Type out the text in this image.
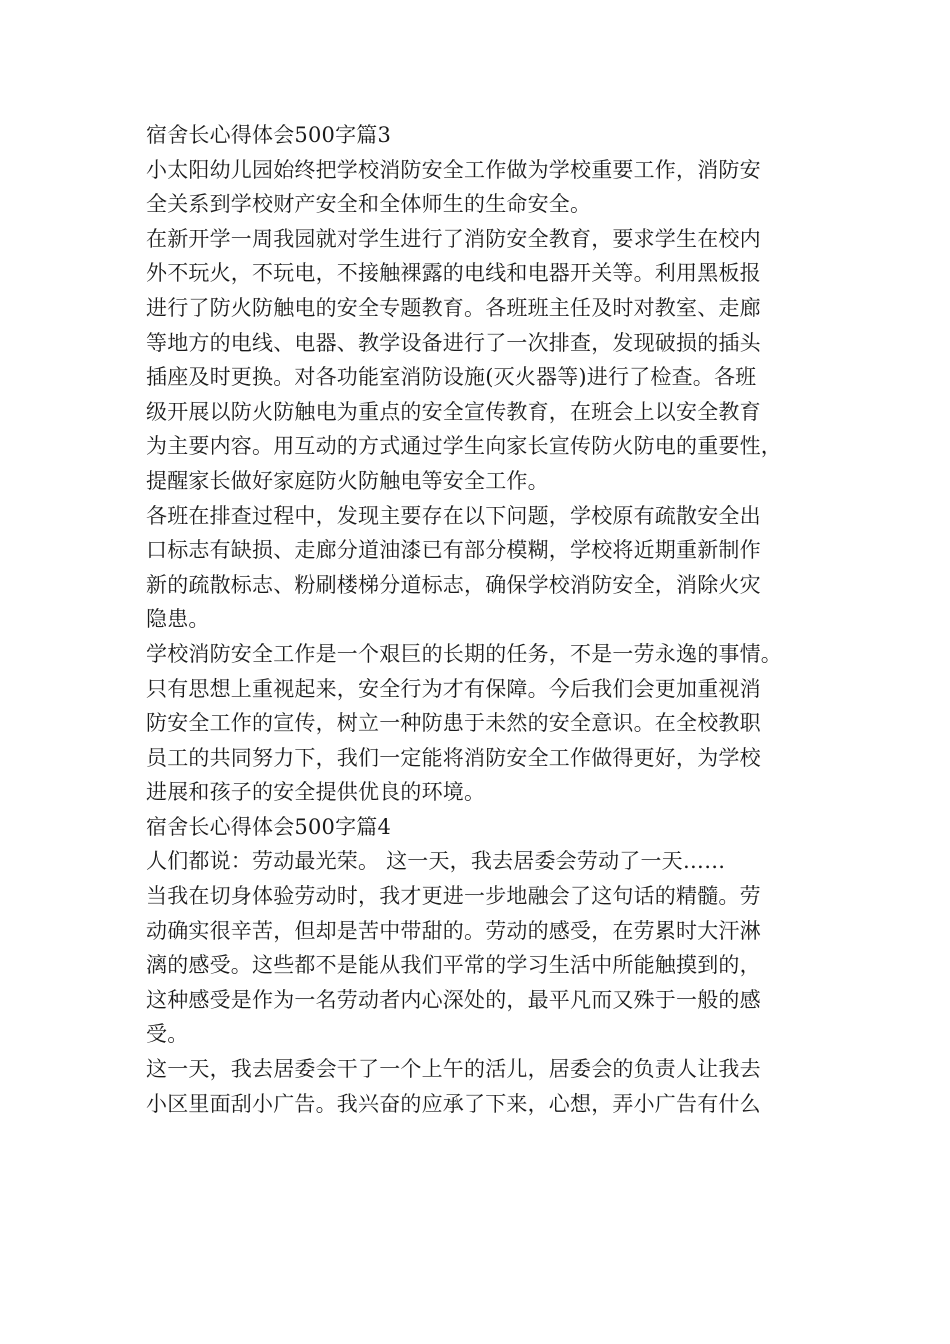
宿舍长心得体会500字篇3
小太阳幼儿园始终把学校消防安全工作做为学校重要工作，消防安
全关系到学校财产安全和全体师生的生命安全。
在新开学一周我园就对学生进行了消防安全教育，要求学生在校内
外不玩火，不玩电，不接触裸露的电线和电器开关等。利用黑板报
进行了防火防触电的安全专题教育。各班班主任及时对教室、走廊
等地方的电线、电器、教学设备进行了一次排查，发现破损的插头
插座及时更换。对各功能室消防设施(灭火器等)进行了检查。各班
级开展以防火防触电为重点的安全宣传教育，在班会上以安全教育
为主要内容。用互动的方式通过学生向家长宣传防火防电的重要性，
提醒家长做好家庭防火防触电等安全工作。
各班在排查过程中，发现主要存在以下问题，学校原有疏散安全出
口标志有缺损、走廊分道油漆已有部分模糊，学校将近期重新制作
新的疏散标志、粉刷楼梯分道标志，确保学校消防安全，消除火灾
隐患。
学校消防安全工作是一个艰巨的长期的任务，不是一劳永逸的事情。
只有思想上重视起来，安全行为才有保障。今后我们会更加重视消
防安全工作的宣传，树立一种防患于未然的安全意识。在全校教职
员工的共同努力下，我们一定能将消防安全工作做得更好，为学校
进展和孩子的安全提供优良的环境。
宿舍长心得体会500字篇4
人们都说：劳动最光荣。 这一天，我去居委会劳动了一天……
当我在切身体验劳动时，我才更进一步地融会了这句话的精髓。劳
动确实很辛苦，但却是苦中带甜的。劳动的感受，在劳累时大汗淋
漓的感受。这些都不是能从我们平常的学习生活中所能触摸到的，
这种感受是作为一名劳动者内心深处的，最平凡而又殊于一般的感
受。
这一天，我去居委会干了一个上午的活儿，居委会的负责人让我去
小区里面刮小广告。我兴奋的应承了下来，心想，弄小广告有什么
